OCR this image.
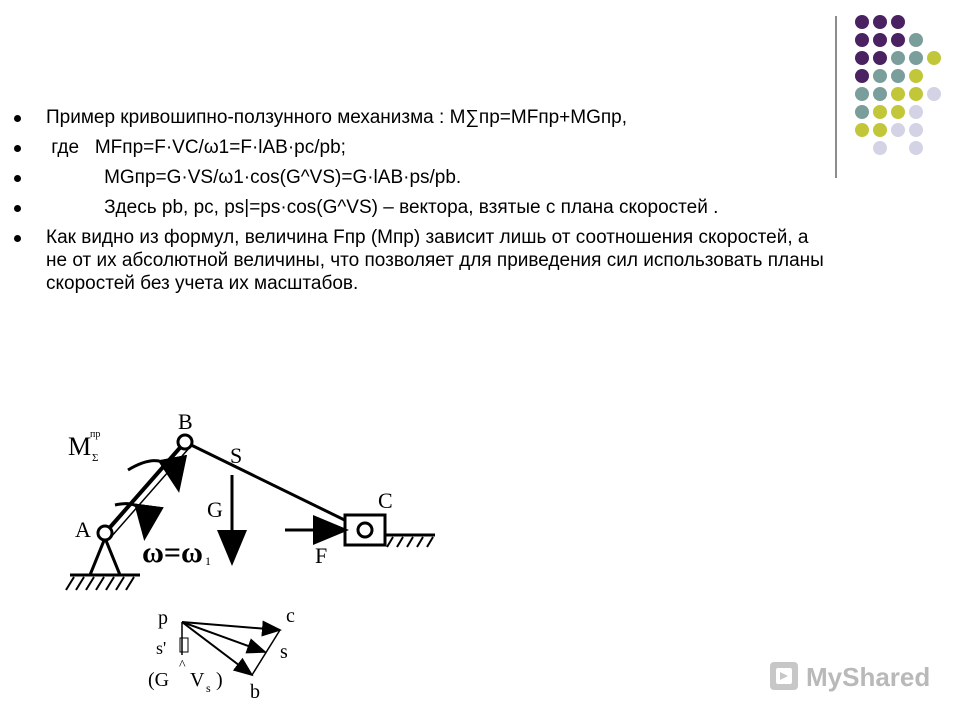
Пример кривошипно-ползунного механизма : M∑пр=MFпр+MGпр,
где   MFпр=F·VC/ω1=F·lAB·pc/pb;
MGпр=G·VS/ω1·cos(G^VS)=G·lAB·ps/pb.
Здесь pb, pc, ps|=ps·cos(G^VS) – вектора, взятые с плана скоростей .
Как видно из формул, величина Fпр (Mпр) зависит лишь от соотношения скоростей, а не от их абсолютной величины, что позволяет для приведения сил использовать планы скоростей без учета их масштабов.
M
пр
Σ
A
B
S
G	C
F
ω=ω 1
p	c
s
s'
b
(G V s )
^	MyShared
